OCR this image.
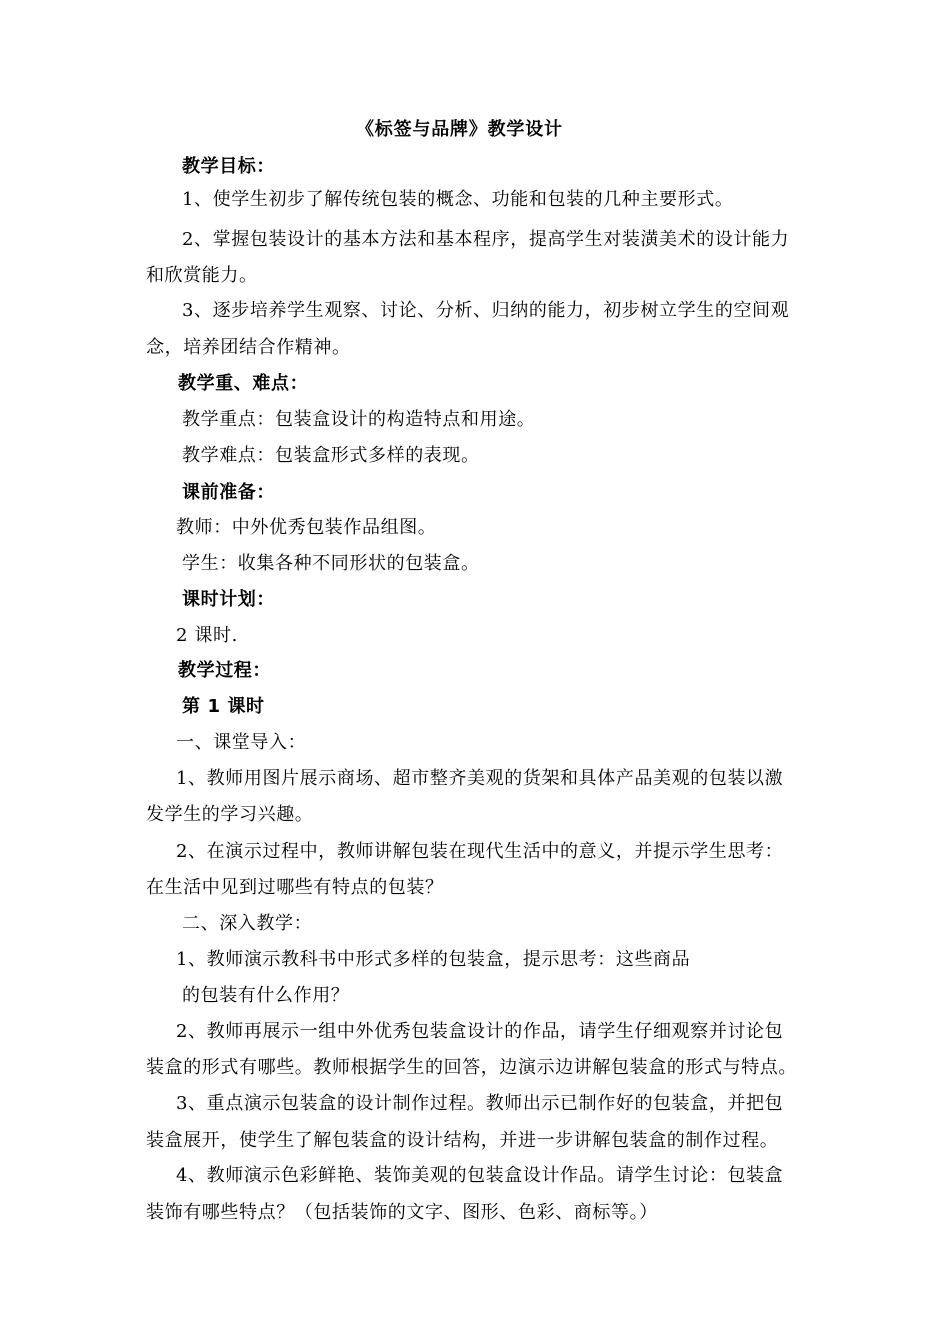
《标签与品牌》教学设计
教学目标：
1、使学生初步了解传统包装的概念、功能和包装的几种主要形式。
2、掌握包装设计的基本方法和基本程序，提高学生对装潢美术的设计能力
和欣赏能力。
3、逐步培养学生观察、讨论、分析、归纳的能力，初步树立学生的空间观
念，培养团结合作精神。
教学重、难点：
教学重点：包装盒设计的构造特点和用途。
教学难点：包装盒形式多样的表现。
课前准备：
教师：中外优秀包装作品组图。
学生：收集各种不同形状的包装盒。
课时计划：
2 课时.
教学过程：
第 1 课时
一、课堂导入：
1、教师用图片展示商场、超市整齐美观的货架和具体产品美观的包装以激
发学生的学习兴趣。
2、在演示过程中，教师讲解包装在现代生活中的意义，并提示学生思考：
在生活中见到过哪些有特点的包装？
二、深入教学：
1、教师演示教科书中形式多样的包装盒，提示思考：这些商品
的包装有什么作用？
2、教师再展示一组中外优秀包装盒设计的作品，请学生仔细观察并讨论包
装盒的形式有哪些。教师根据学生的回答，边演示边讲解包装盒的形式与特点。
3、重点演示包装盒的设计制作过程。教师出示已制作好的包装盒，并把包
装盒展开，使学生了解包装盒的设计结构，并进一步讲解包装盒的制作过程。
4、教师演示色彩鲜艳、装饰美观的包装盒设计作品。请学生讨论：包装盒
装饰有哪些特点？（包括装饰的文字、图形、色彩、商标等。）
